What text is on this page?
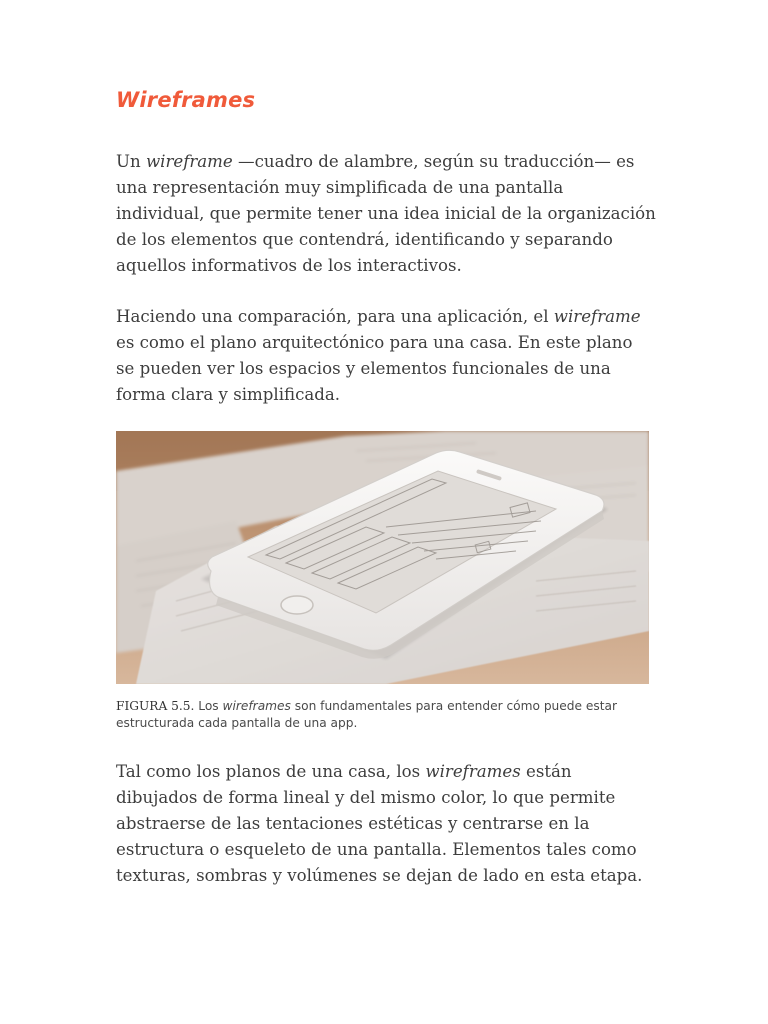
Wireframes

Un wireframe —cuadro de alambre, según su traducción— es una representación muy simplificada de una pantalla individual, que permite tener una idea inicial de la organización de los elementos que contendrá, identificando y separando aquellos informativos de los interactivos.

Haciendo una comparación, para una aplicación, el wireframe es como el plano arquitectónico para una casa. En este plano se pueden ver los espacios y elementos funcionales de una forma clara y simplificada.

FIGURA 5.5. Los wireframes son fundamentales para entender cómo puede estar estructurada cada pantalla de una app.

Tal como los planos de una casa, los wireframes están dibujados de forma lineal y del mismo color, lo que permite abstraerse de las tentaciones estéticas y centrarse en la estructura o esqueleto de una pantalla. Elementos tales como texturas, sombras y volúmenes se dejan de lado en esta etapa.
